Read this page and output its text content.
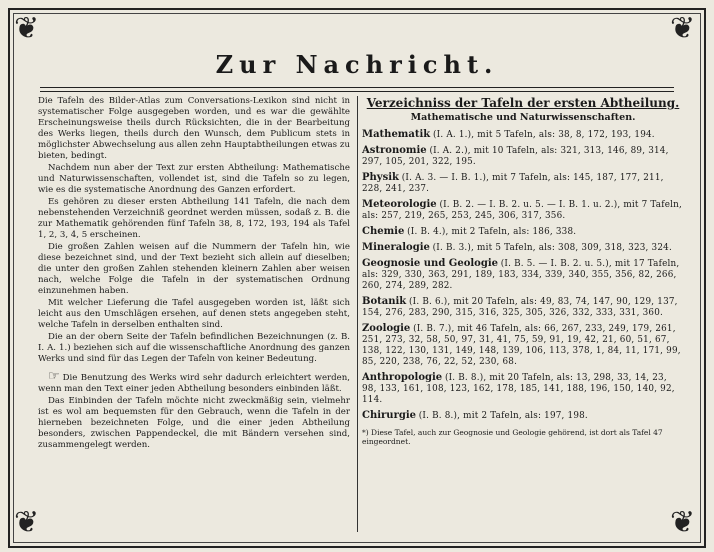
❦	❦
❦	❦
Zur Nachricht.

Die Tafeln des Bilder-Atlas zum Conversations-Lexikon sind nicht in systematischer Folge ausgegeben worden, und es war die gewählte Erscheinungsweise theils durch Rücksichten, die in der Bearbeitung des Werks liegen, theils durch den Wunsch, dem Publicum stets in möglichster Abwechselung aus allen zehn Hauptabtheilungen etwas zu bieten, bedingt.

Nachdem nun aber der Text zur ersten Abtheilung: Mathematische und Naturwissenschaften, vollendet ist, sind die Tafeln so zu legen, wie es die systematische Anordnung des Ganzen erfordert.

Es gehören zu dieser ersten Abtheilung 141 Tafeln, die nach dem nebenstehenden Verzeichniß geordnet werden müssen, sodaß z. B. die zur Mathematik gehörenden fünf Tafeln 38, 8, 172, 193, 194 als Tafel 1, 2, 3, 4, 5 erscheinen.

Die großen Zahlen weisen auf die Nummern der Tafeln hin, wie diese bezeichnet sind, und der Text bezieht sich allein auf dieselben; die unter den großen Zahlen stehenden kleinern Zahlen aber weisen nach, welche Folge die Tafeln in der systematischen Ordnung einzunehmen haben.

Mit welcher Lieferung die Tafel ausgegeben worden ist, läßt sich leicht aus den Umschlägen ersehen, auf denen stets angegeben steht, welche Tafeln in derselben enthalten sind.

Die an der obern Seite der Tafeln befindlichen Bezeichnungen (z. B. I. A. 1.) beziehen sich auf die wissenschaftliche Anordnung des ganzen Werks und sind für das Legen der Tafeln von keiner Bedeutung.

☞ Die Benutzung des Werks wird sehr dadurch erleichtert werden, wenn man den Text einer jeden Abtheilung besonders einbinden läßt.

Das Einbinden der Tafeln möchte nicht zweckmäßig sein, vielmehr ist es wol am bequemsten für den Gebrauch, wenn die Tafeln in der hierneben bezeichneten Folge, und die einer jeden Abtheilung besonders, zwischen Pappendeckel, die mit Bändern versehen sind, zusammengelegt werden.

Verzeichniss der Tafeln der ersten Abtheilung.
Mathematische und Naturwissenschaften.

Mathematik (I. A. 1.), mit 5 Tafeln, als: 38, 8, 172, 193, 194.

Astronomie (I. A. 2.), mit 10 Tafeln, als: 321, 313, 146, 89, 314, 297, 105, 201, 322, 195.

Physik (I. A. 3. — I. B. 1.), mit 7 Tafeln, als: 145, 187, 177, 211, 228, 241, 237.

Meteorologie (I. B. 2. — I. B. 2. u. 5. — I. B. 1. u. 2.), mit 7 Tafeln, als: 257, 219, 265, 253, 245, 306, 317, 356.

Chemie (I. B. 4.), mit 2 Tafeln, als: 186, 338.

Mineralogie (I. B. 3.), mit 5 Tafeln, als: 308, 309, 318, 323, 324.

Geognosie und Geologie (I. B. 5. — I. B. 2. u. 5.), mit 17 Tafeln, als: 329, 330, 363, 291, 189, 183, 334, 339, 340, 355, 356, 82, 266, 260, 274, 289, 282.

Botanik (I. B. 6.), mit 20 Tafeln, als: 49, 83, 74, 147, 90, 129, 137, 154, 276, 283, 290, 315, 316, 325, 305, 326, 332, 333, 331, 360.

Zoologie (I. B. 7.), mit 46 Tafeln, als: 66, 267, 233, 249, 179, 261, 251, 273, 32, 58, 50, 97, 31, 41, 75, 59, 91, 19, 42, 21, 60, 51, 67, 138, 122, 130, 131, 149, 148, 139, 106, 113, 378, 1, 84, 11, 171, 99, 85, 220, 238, 76, 22, 52, 230, 68.

Anthropologie (I. B. 8.), mit 20 Tafeln, als: 13, 298, 33, 14, 23, 98, 133, 161, 108, 123, 162, 178, 185, 141, 188, 196, 150, 140, 92, 114.

Chirurgie (I. B. 8.), mit 2 Tafeln, als: 197, 198.

*) Diese Tafel, auch zur Geognosie und Geologie gehörend, ist dort als Tafel 47 eingeordnet.
